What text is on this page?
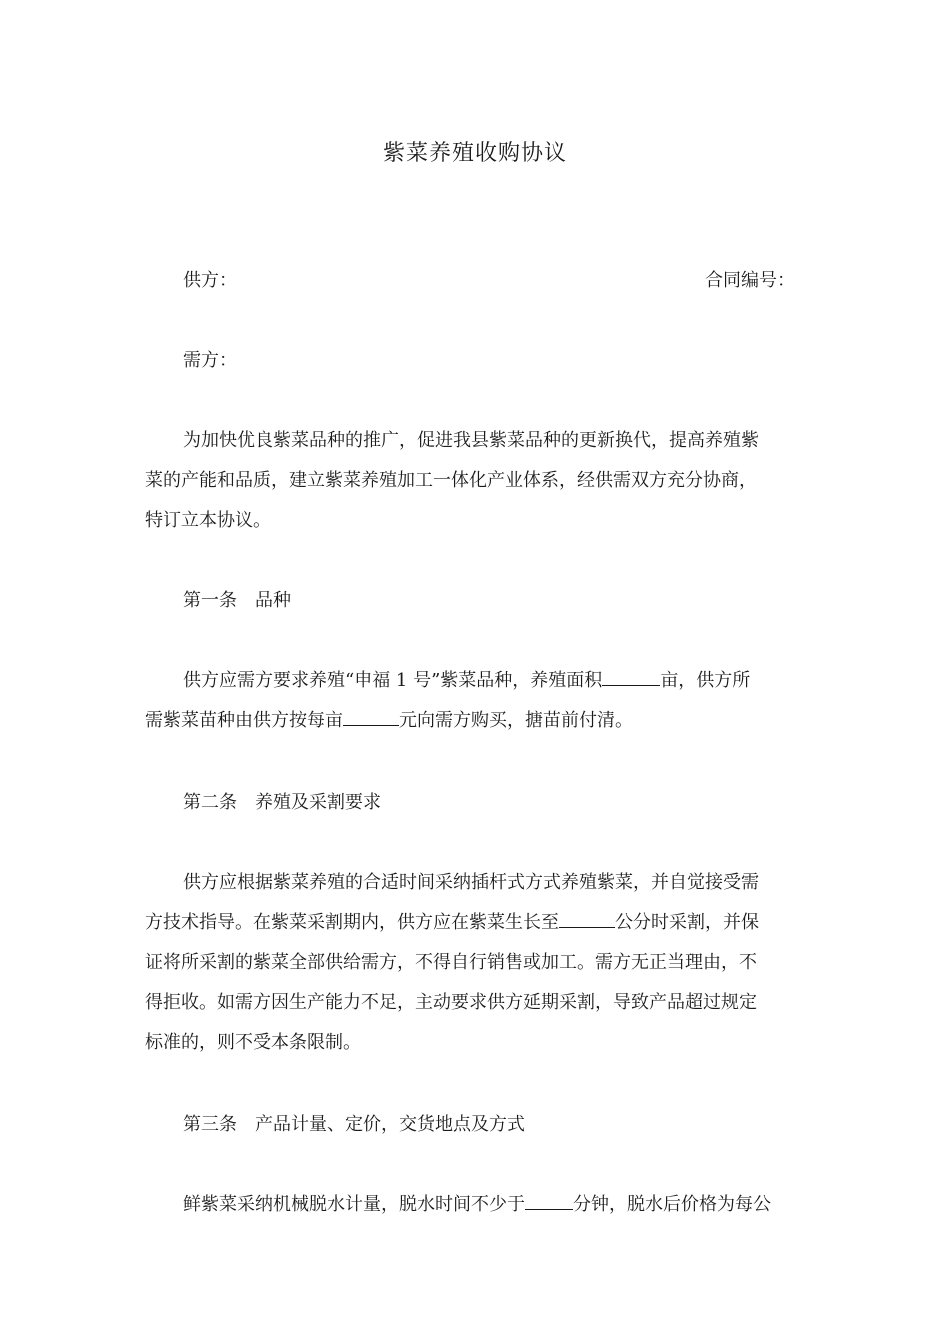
紫菜养殖收购协议
供方：	合同编号：
需方：
为加快优良紫菜品种的推广，促进我县紫菜品种的更新换代，提高养殖紫
菜的产能和品质，建立紫菜养殖加工一体化产业体系，经供需双方充分协商，
特订立本协议。
第一条　品种
供方应需方要求养殖“申福 1 号”紫菜品种，养殖面积	亩，供方所
需紫菜苗种由供方按每亩	元向需方购买，搪苗前付清。
第二条　养殖及采割要求
供方应根据紫菜养殖的合适时间采纳插杆式方式养殖紫菜，并自觉接受需
方技术指导。在紫菜采割期内，供方应在紫菜生长至	公分时采割，并保
证将所采割的紫菜全部供给需方，不得自行销售或加工。需方无正当理由，不
得拒收。如需方因生产能力不足，主动要求供方延期采割，导致产品超过规定
标准的，则不受本条限制。
第三条　产品计量、定价，交货地点及方式
鲜紫菜采纳机械脱水计量，脱水时间不少于	分钟，脱水后价格为每公
